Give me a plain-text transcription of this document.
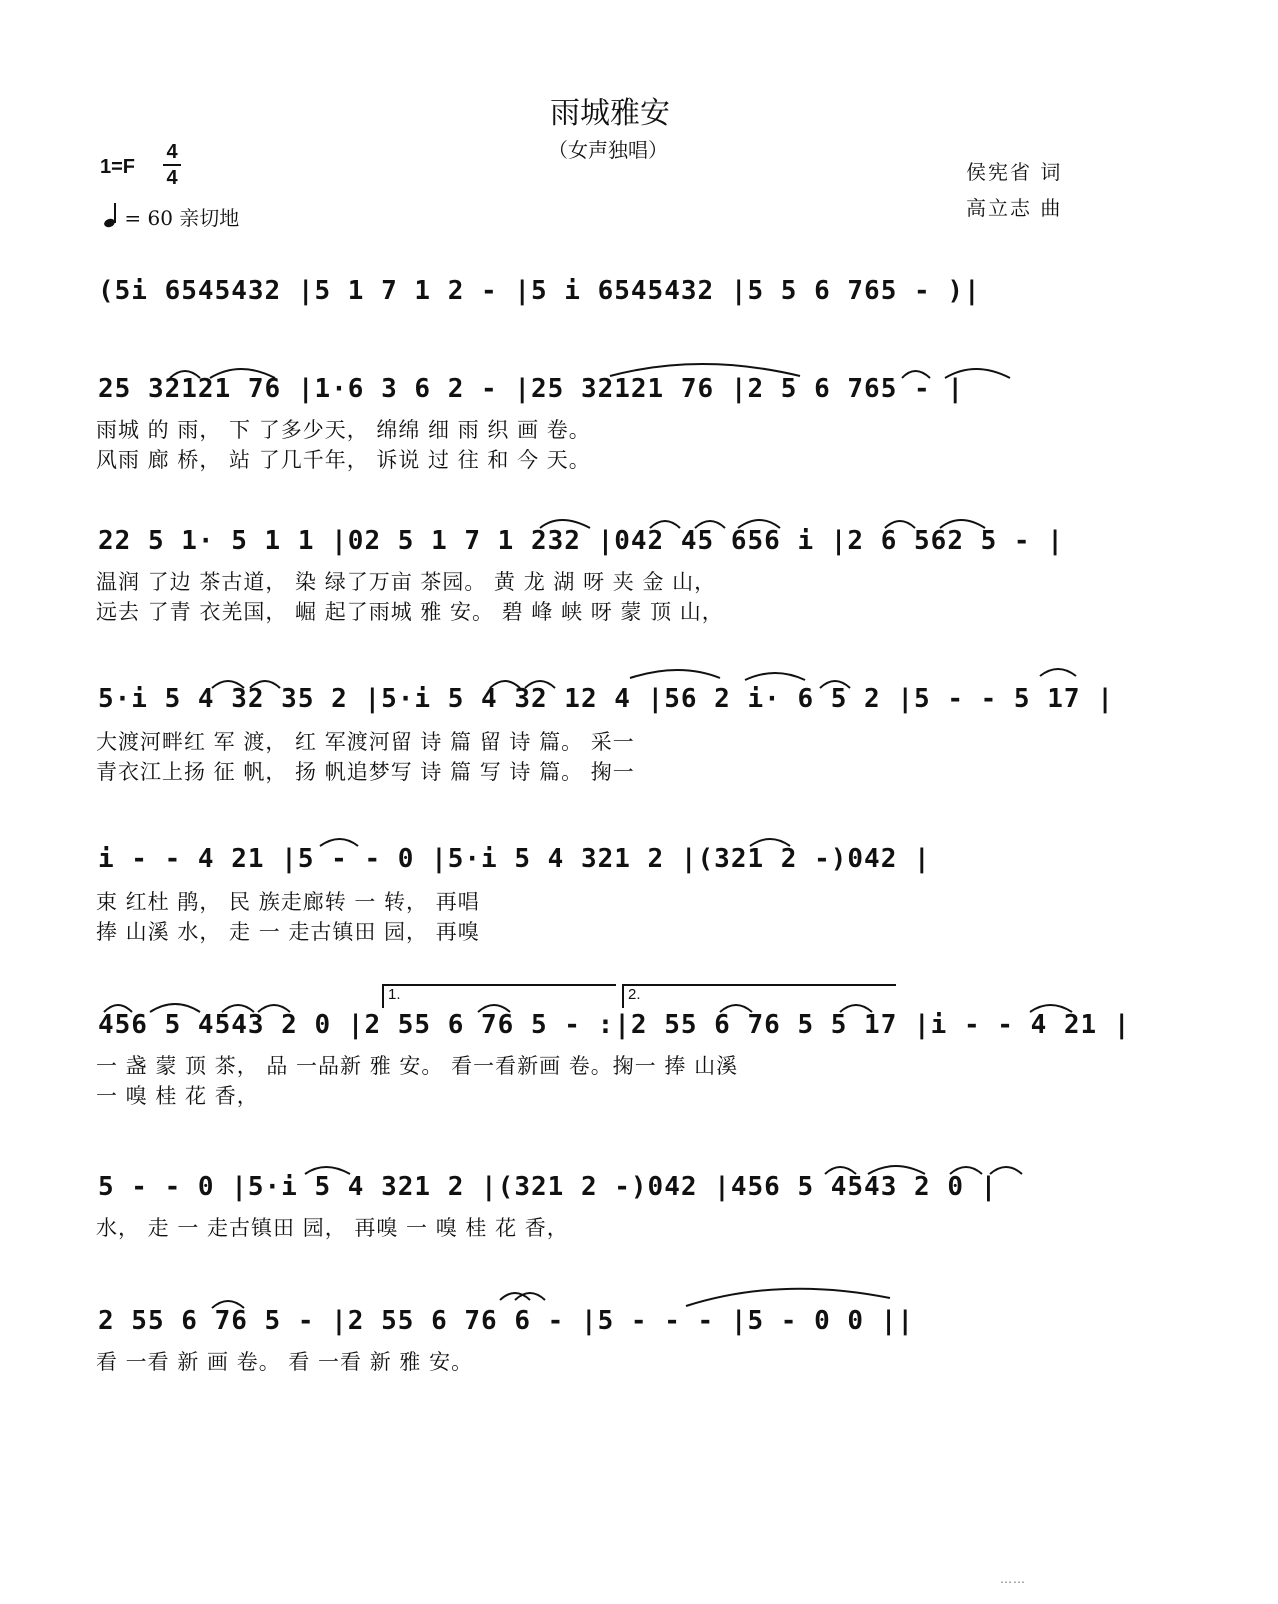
雨城雅安
（女声独唱）
侯宪省 词
高立志 曲
1=F
4
4
= 60 亲切地
(5i 6545432 |5 1 7 1 2 - |5 i 6545432 |5 5 6 765 - )|
25 32121 76 |1·6 3 6 2 - |25 32121 76 |2 5 6 765 - |
雨城 的 雨， 下 了多少天， 绵绵 细 雨 织 画 卷。
风雨 廊 桥， 站 了几千年， 诉说 过 往 和 今 天。
22 5 1· 5 1 1 |02 5 1 7 1 232 |042 45 656 i |2 6 562 5 - |
温润 了边 茶古道， 染 绿了万亩 茶园。 黄 龙 湖 呀 夹 金 山，
远去 了青 衣羌国， 崛 起了雨城 雅 安。 碧 峰 峡 呀 蒙 顶 山，
5·i 5 4 32 35 2 |5·i 5 4 32 12 4 |56 2 i· 6 5 2 |5 - - 5 17 |
大渡河畔红 军 渡， 红 军渡河留 诗 篇 留 诗 篇。 采一
青衣江上扬 征 帆， 扬 帆追梦写 诗 篇 写 诗 篇。 掬一
i - - 4 21 |5 - - 0 |5·i 5 4 321 2 |(321 2 -)042 |
束 红杜 鹃， 民 族走廊转 一 转， 再唱
捧 山溪 水， 走 一 走古镇田 园， 再嗅
1.	2.
456 5 4543 2 0 |2 55 6 76 5 - :|2 55 6 76 5 5 17 |i - - 4 21 |
一 盏 蒙 顶 茶， 品 一品新 雅 安。 看一看新画 卷。掬一 捧 山溪
一 嗅 桂 花 香，
5 - - 0 |5·i 5 4 321 2 |(321 2 -)042 |456 5 4543 2 0 |
水， 走 一 走古镇田 园， 再嗅 一 嗅 桂 花 香，
2 55 6 76 5 - |2 55 6 76 6 - |5 - - - |5 - 0 0 ||
看 一看 新 画 卷。 看 一看 新 雅 安。
……
